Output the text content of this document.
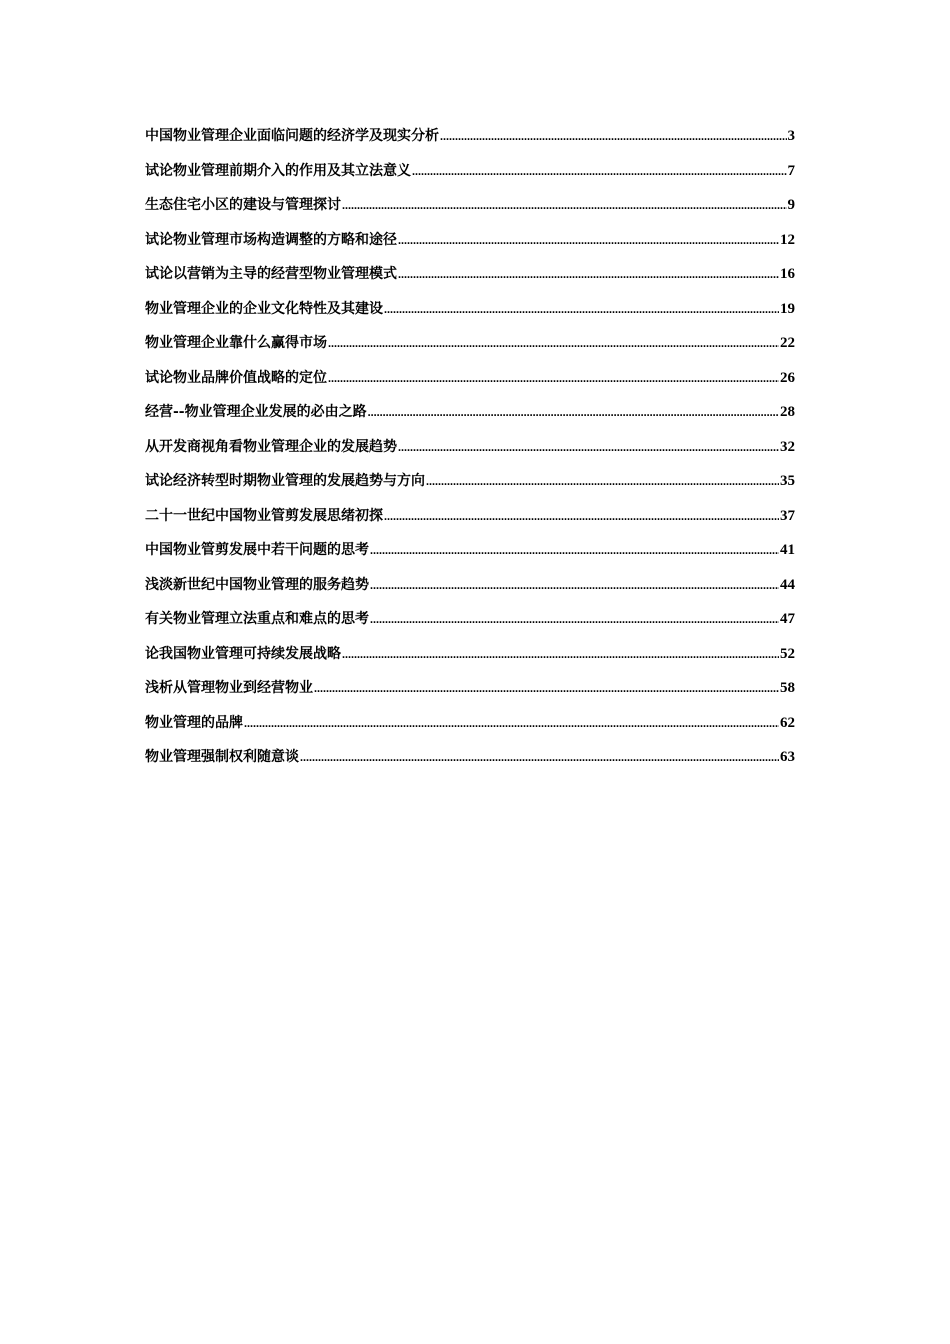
中国物业管理企业面临问题的经济学及现实分析 .....	3
试论物业管理前期介入的作用及其立法意义 .....	7
生态住宅小区的建设与管理探讨 .....	9
试论物业管理市场构造调整的方略和途径 .....	12
试论以营销为主导的经营型物业管理模式 .....	16
物业管理企业的企业文化特性及其建设 .....	19
物业管理企业靠什么赢得市场 .....	22
试论物业品牌价值战略的定位 .....	26
经营--物业管理企业发展的必由之路 .....	28
从开发商视角看物业管理企业的发展趋势 .....	32
试论经济转型时期物业管理的发展趋势与方向 .....	35
二十一世纪中国物业管剪发展思绪初探 .....	37
中国物业管剪发展中若干问题的思考 .....	41
浅淡新世纪中国物业管理的服务趋势 .....	44
有关物业管理立法重点和难点的思考 .....	47
论我国物业管理可持续发展战略 .....	52
浅析从管理物业到经营物业 .....	58
物业管理的品牌 .....	62
物业管理强制权利随意谈 .....	63
